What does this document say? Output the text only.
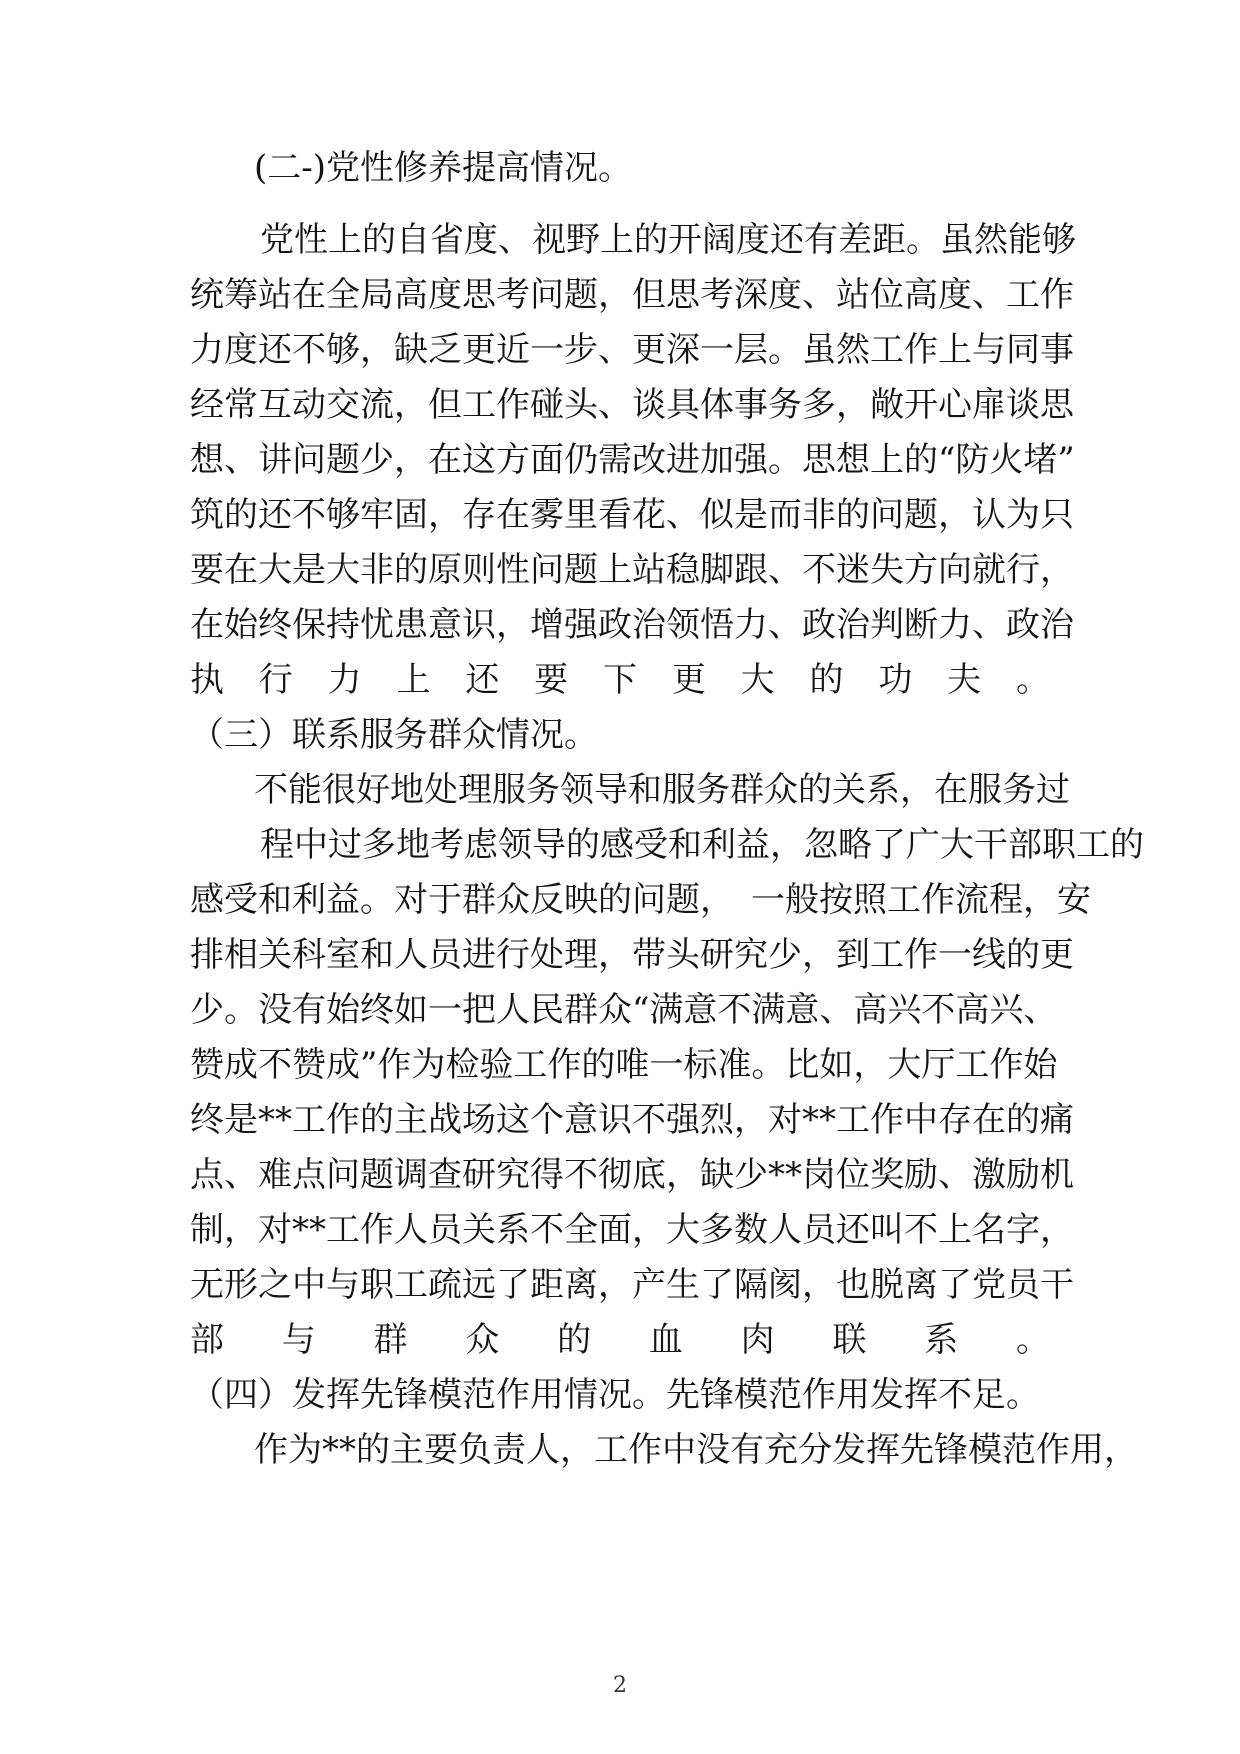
(二-)党性修养提高情况。
党性上的自省度、视野上的开阔度还有差距。虽然能够
统筹站在全局高度思考问题，但思考深度、站位高度、工作
力度还不够，缺乏更近一步、更深一层。虽然工作上与同事
经常互动交流，但工作碰头、谈具体事务多，敞开心扉谈思
想、讲问题少，在这方面仍需改进加强。思想上的“防火堵”
筑的还不够牢固，存在雾里看花、似是而非的问题，认为只
要在大是大非的原则性问题上站稳脚跟、不迷失方向就行，
在始终保持忧患意识，增强政治领悟力、政治判断力、政治
执行力上还要下更大的功夫。
（三）联系服务群众情况。
不能很好地处理服务领导和服务群众的关系，在服务过
程中过多地考虑领导的感受和利益，忽略了广大干部职工的
感受和利益。对于群众反映的问题，　一般按照工作流程，安
排相关科室和人员进行处理，带头研究少，到工作一线的更
少。没有始终如一把人民群众“满意不满意、高兴不高兴、
赞成不赞成”作为检验工作的唯一标准。比如，大厅工作始
终是**工作的主战场这个意识不强烈，对**工作中存在的痛
点、难点问题调查研究得不彻底，缺少**岗位奖励、激励机
制，对**工作人员关系不全面，大多数人员还叫不上名字，
无形之中与职工疏远了距离，产生了隔阂，也脱离了党员干
部与群众的血肉联系。
（四）发挥先锋模范作用情况。先锋模范作用发挥不足。
作为**的主要负责人，工作中没有充分发挥先锋模范作用，
2
